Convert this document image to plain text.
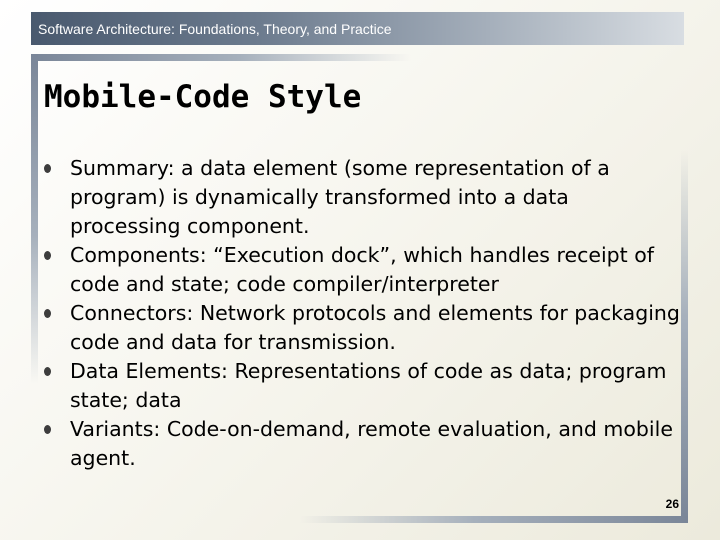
Software Architecture: Foundations, Theory, and Practice
Mobile-Code Style
Summary: a data element (some representation of a program) is dynamically transformed into a data processing component.
Components: “Execution dock”, which handles receipt of code and state; code compiler/interpreter
Connectors: Network protocols and elements for packaging code and data for transmission.
Data Elements: Representations of code as data; program state; data
Variants: Code-on-demand, remote evaluation, and mobile agent.
26
